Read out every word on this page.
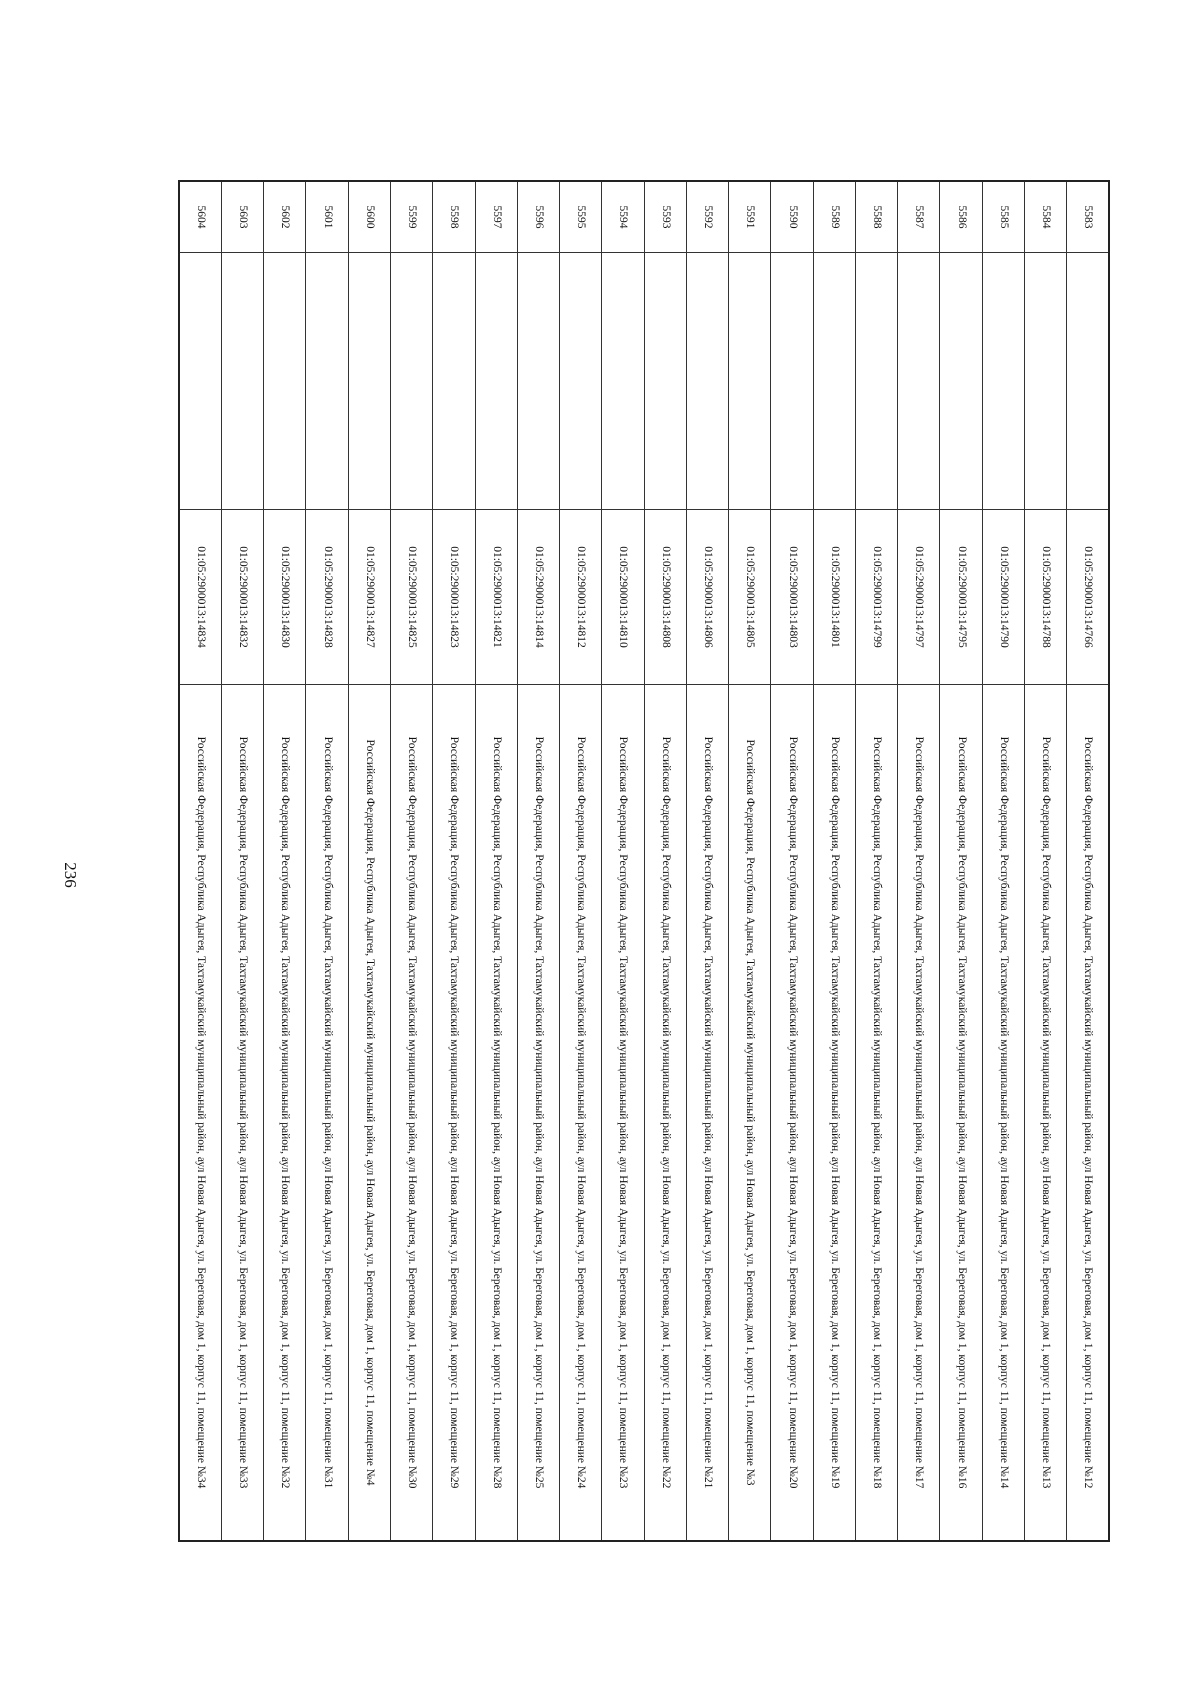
236
5583		01:05:2900013:14766	Российская Федерация, Республика Адыгея, Тахтамукайский муниципальный район, аул Новая Адыгея, ул. Береговая, дом 1, корпус 11, помещение №12
5584		01:05:2900013:14788	Российская Федерация, Республика Адыгея, Тахтамукайский муниципальный район, аул Новая Адыгея, ул. Береговая, дом 1, корпус 11, помещение №13
5585		01:05:2900013:14790	Российская Федерация, Республика Адыгея, Тахтамукайский муниципальный район, аул Новая Адыгея, ул. Береговая, дом 1, корпус 11, помещение №14
5586		01:05:2900013:14795	Российская Федерация, Республика Адыгея, Тахтамукайский муниципальный район, аул Новая Адыгея, ул. Береговая, дом 1, корпус 11, помещение №16
5587		01:05:2900013:14797	Российская Федерация, Республика Адыгея, Тахтамукайский муниципальный район, аул Новая Адыгея, ул. Береговая, дом 1, корпус 11, помещение №17
5588		01:05:2900013:14799	Российская Федерация, Республика Адыгея, Тахтамукайский муниципальный район, аул Новая Адыгея, ул. Береговая, дом 1, корпус 11, помещение №18
5589		01:05:2900013:14801	Российская Федерация, Республика Адыгея, Тахтамукайский муниципальный район, аул Новая Адыгея, ул. Береговая, дом 1, корпус 11, помещение №19
5590		01:05:2900013:14803	Российская Федерация, Республика Адыгея, Тахтамукайский муниципальный район, аул Новая Адыгея, ул. Береговая, дом 1, корпус 11, помещение №20
5591		01:05:2900013:14805	Российская Федерация, Республика Адыгея, Тахтамукайский муниципальный район, аул Новая Адыгея, ул. Береговая, дом 1, корпус 11, помещение №3
5592		01:05:2900013:14806	Российская Федерация, Республика Адыгея, Тахтамукайский муниципальный район, аул Новая Адыгея, ул. Береговая, дом 1, корпус 11, помещение №21
5593		01:05:2900013:14808	Российская Федерация, Республика Адыгея, Тахтамукайский муниципальный район, аул Новая Адыгея, ул. Береговая, дом 1, корпус 11, помещение №22
5594		01:05:2900013:14810	Российская Федерация, Республика Адыгея, Тахтамукайский муниципальный район, аул Новая Адыгея, ул. Береговая, дом 1, корпус 11, помещение №23
5595		01:05:2900013:14812	Российская Федерация, Республика Адыгея, Тахтамукайский муниципальный район, аул Новая Адыгея, ул. Береговая, дом 1, корпус 11, помещение №24
5596		01:05:2900013:14814	Российская Федерация, Республика Адыгея, Тахтамукайский муниципальный район, аул Новая Адыгея, ул. Береговая, дом 1, корпус 11, помещение №25
5597		01:05:2900013:14821	Российская Федерация, Республика Адыгея, Тахтамукайский муниципальный район, аул Новая Адыгея, ул. Береговая, дом 1, корпус 11, помещение №28
5598		01:05:2900013:14823	Российская Федерация, Республика Адыгея, Тахтамукайский муниципальный район, аул Новая Адыгея, ул. Береговая, дом 1, корпус 11, помещение №29
5599		01:05:2900013:14825	Российская Федерация, Республика Адыгея, Тахтамукайский муниципальный район, аул Новая Адыгея, ул. Береговая, дом 1, корпус 11, помещение №30
5600		01:05:2900013:14827	Российская Федерация, Республика Адыгея, Тахтамукайский муниципальный район, аул Новая Адыгея, ул. Береговая, дом 1, корпус 11, помещение №4
5601		01:05:2900013:14828	Российская Федерация, Республика Адыгея, Тахтамукайский муниципальный район, аул Новая Адыгея, ул. Береговая, дом 1, корпус 11, помещение №31
5602		01:05:2900013:14830	Российская Федерация, Республика Адыгея, Тахтамукайский муниципальный район, аул Новая Адыгея, ул. Береговая, дом 1, корпус 11, помещение №32
5603		01:05:2900013:14832	Российская Федерация, Республика Адыгея, Тахтамукайский муниципальный район, аул Новая Адыгея, ул. Береговая, дом 1, корпус 11, помещение №33
5604		01:05:2900013:14834	Российская Федерация, Республика Адыгея, Тахтамукайский муниципальный район, аул Новая Адыгея, ул. Береговая, дом 1, корпус 11, помещение №34
